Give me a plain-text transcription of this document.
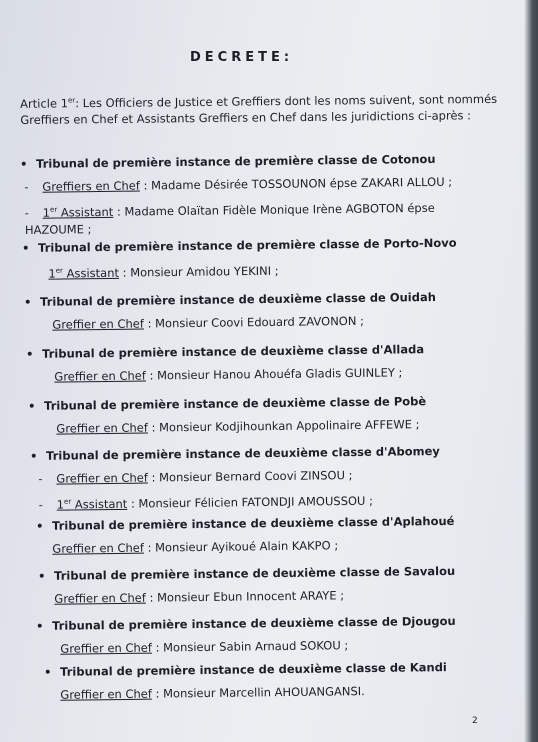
DECRETE:
Article 1er: Les Officiers de Justice et Greffiers dont les noms suivent, sont nommés Greffiers en Chef et Assistants Greffiers en Chef dans les juridictions ci-après :
• Tribunal de première instance de première classe de Cotonou
- Greffiers en Chef : Madame Désirée TOSSOUNON épse ZAKARI ALLOU ;
- 1er Assistant : Madame Olaïtan Fidèle Monique Irène AGBOTON épse HAZOUME ;
• Tribunal de première instance de première classe de Porto-Novo
1er Assistant : Monsieur Amidou YEKINI ;
• Tribunal de première instance de deuxième classe de Ouidah
Greffier en Chef : Monsieur Coovi Edouard ZAVONON ;
• Tribunal de première instance de deuxième classe d'Allada
Greffier en Chef : Monsieur Hanou Ahouéfa Gladis GUINLEY ;
• Tribunal de première instance de deuxième classe de Pobè
Greffier en Chef : Monsieur Kodjihounkan Appolinaire AFFEWE ;
• Tribunal de première instance de deuxième classe d'Abomey
- Greffier en Chef : Monsieur Bernard Coovi ZINSOU ;
- 1er Assistant : Monsieur Félicien FATONDJI AMOUSSOU ;
• Tribunal de première instance de deuxième classe d'Aplahoué
Greffier en Chef : Monsieur Ayikoué Alain KAKPO ;
• Tribunal de première instance de deuxième classe de Savalou
Greffier en Chef : Monsieur Ebun Innocent ARAYE ;
• Tribunal de première instance de deuxième classe de Djougou
Greffier en Chef : Monsieur Sabin Arnaud SOKOU ;
• Tribunal de première instance de deuxième classe de Kandi
Greffier en Chef : Monsieur Marcellin AHOUANGANSI.
2
